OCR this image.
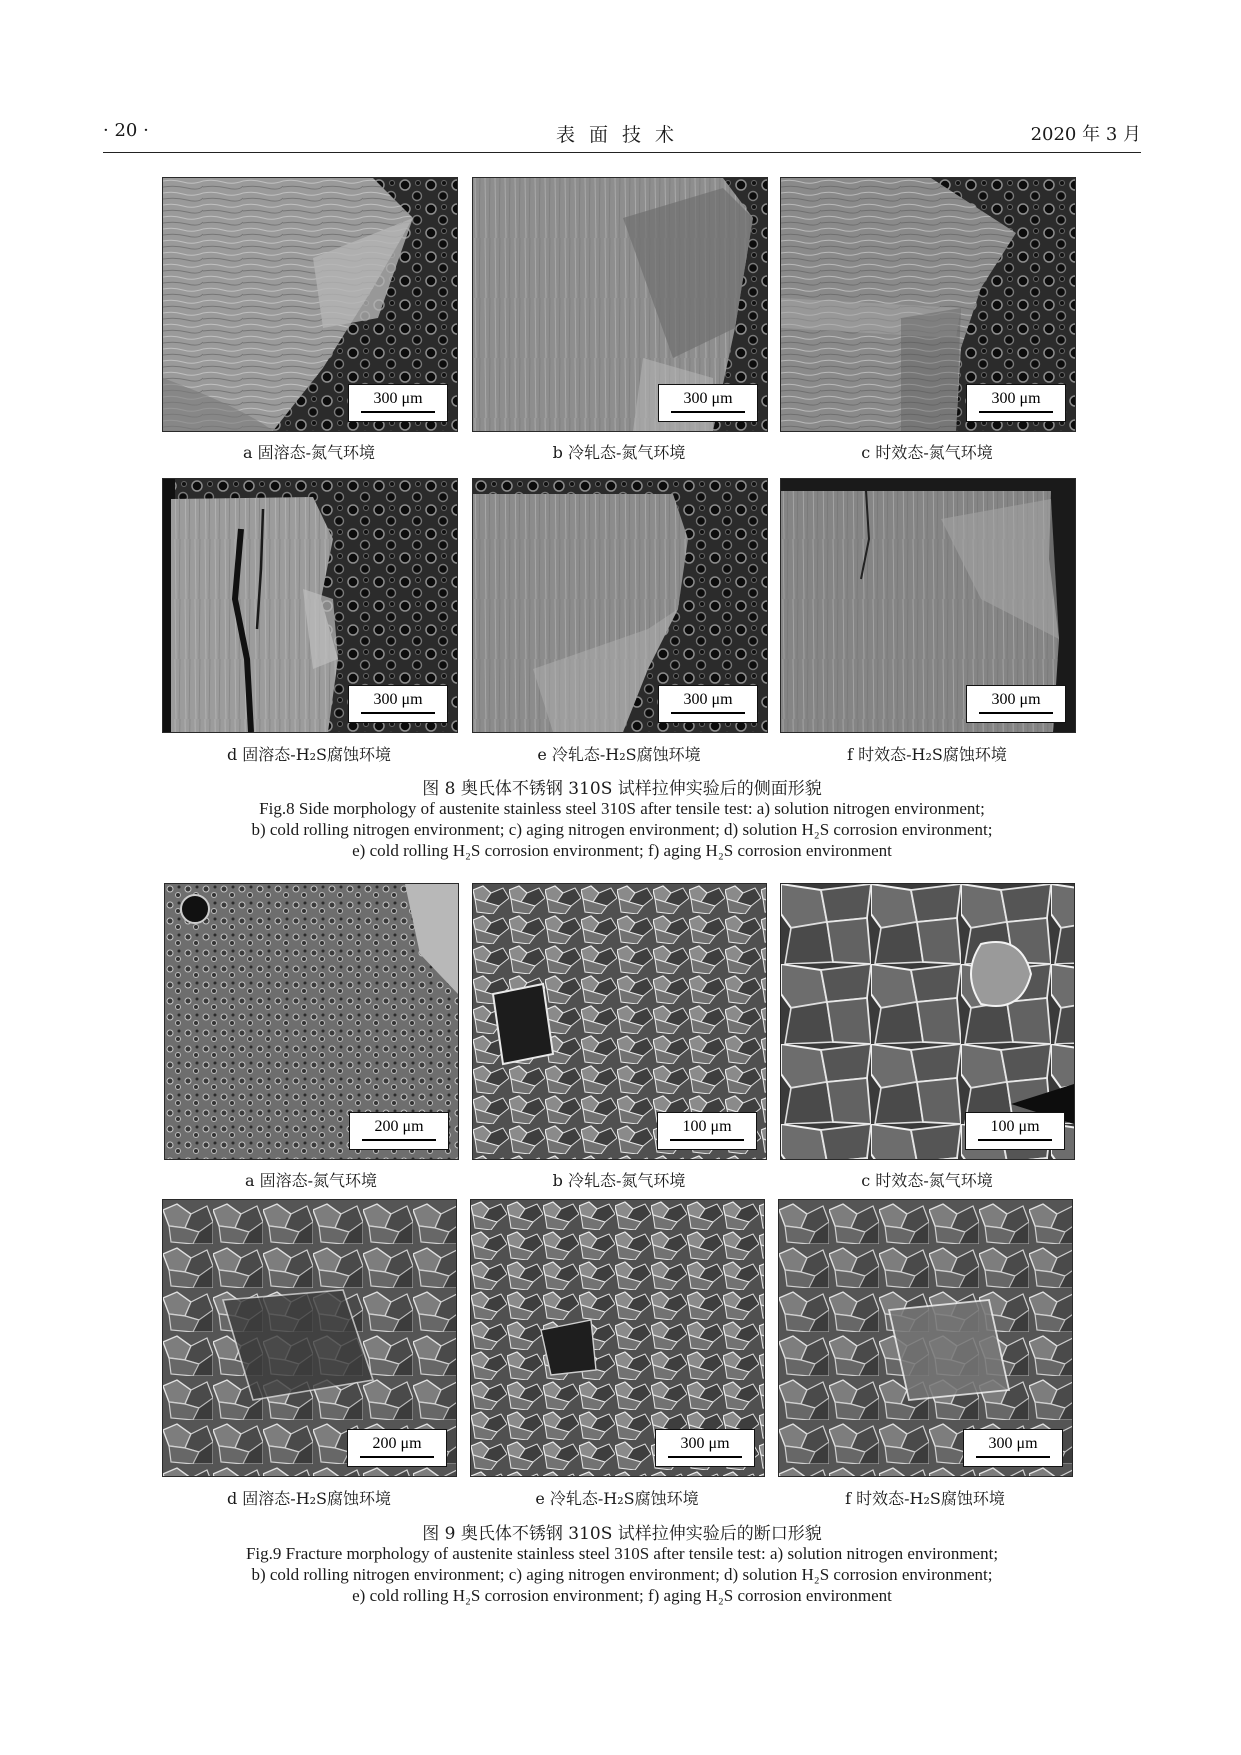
· 20 ·	表面技术	2020 年 3 月
300 μm
a 固溶态-氮气环境
300 μm
b 冷轧态-氮气环境
300 μm
c 时效态-氮气环境
300 μm
d 固溶态-H₂S腐蚀环境
300 μm
e 冷轧态-H₂S腐蚀环境
300 μm
f 时效态-H₂S腐蚀环境
图 8 奥氏体不锈钢 310S 试样拉伸实验后的侧面形貌
Fig.8 Side morphology of austenite stainless steel 310S after tensile test: a) solution nitrogen environment;
b) cold rolling nitrogen environment; c) aging nitrogen environment; d) solution H₂S corrosion environment;
e) cold rolling H₂S corrosion environment; f) aging H₂S corrosion environment
200 μm
a 固溶态-氮气环境
100 μm
b 冷轧态-氮气环境
100 μm
c 时效态-氮气环境
200 μm
d 固溶态-H₂S腐蚀环境
300 μm
e 冷轧态-H₂S腐蚀环境
300 μm
f 时效态-H₂S腐蚀环境
图 9 奥氏体不锈钢 310S 试样拉伸实验后的断口形貌
Fig.9 Fracture morphology of austenite stainless steel 310S after tensile test: a) solution nitrogen environment;
b) cold rolling nitrogen environment; c) aging nitrogen environment; d) solution H₂S corrosion environment;
e) cold rolling H₂S corrosion environment; f) aging H₂S corrosion environment
